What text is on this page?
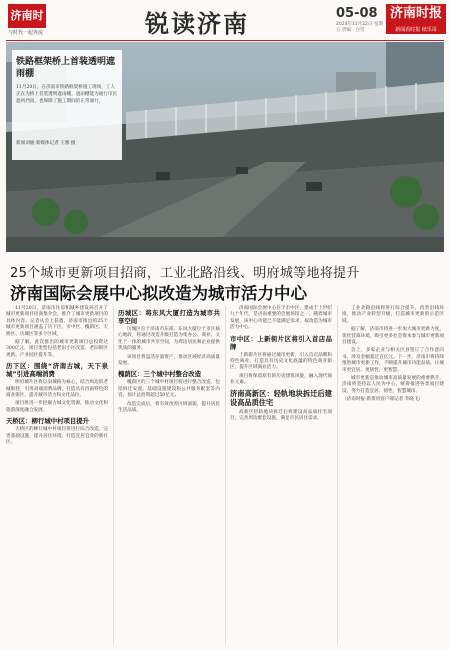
济南时报
与时代一起奔流	锐读济南	05-08
2024年11月22日 星期五 责编：白雪
济南时报
新闻看时报 纸乐哥
铁路框架桥上首装透明遮雨棚
11月20日，在济南市铁路框架桥施工现场，工人正在为桥上首装透明遮雨棚。遮雨棚能为通行市民遮风挡雨，也保障了施工期间的正常通行。
新闻刘媛·新媒体记者 王雅 摄
25个城市更新项目招商，工业北路沿线、明府城等地将提升
济南国际会展中心拟改造为城市活力中心

11月20日，济南市住房和城乡建设局召开了城市更新项目招商推介会，推介了城市更新项目的具体内容。记者从会上获悉，济南市推出的25个城市更新项目涵盖了历下区、市中区、槐荫区、天桥区、历城区等多个区域。

据了解，此次推出的城市更新项目总投资达300亿元，项目类型包括老旧小区改造、老旧街区更新、产业园区提升等。

历下区：围绕“济南古城，天下泉城”引进高端消费

明府城片区将以泉城路为核心，结合周边的老城街巷，引进高端消费品牌，打造具有济南特色的商业街区，提升城市活力和文化品位。

项目将进一步挖掘古城文化资源，推动文化和旅游深度融合发展。

天桥区：柳行城中村项目提升

天桥区的柳行城中村项目将进行综合改造，完善基础设施，提升居住环境，打造宜居宜业的新社区。

历城区：将东风大厦打造为城市共享空间

历城区位于济南市东部，东风大厦位于市区核心地段，将通过改造升级打造为集办公、商业、文化于一体的城市共享空间，为周边居民和企业提供优质的服务。

该项目将盘活存量资产，推动区域经济高质量发展。

槐荫区：三个城中村整合改造

槐荫区的三个城中村项目将进行整合改造，包括拆迁安置、基础设施建设和公共服务配套等内容，预计总投资超过50亿元。

改造完成后，将有效改善区域面貌，提升居民生活品质。

济南国际会展中心位于市中区，建成于上世纪九十年代，是济南重要的会展场馆之一。随着城市发展，该中心功能已不能满足需求，拟改造为城市活力中心。

市中区：上新街片区将引入首店品牌

上新街片区将通过城市更新，引入首店品牌和特色商业，打造具有历史文化底蕴的特色商业街区，提升区域商业活力。

项目将保留原有的历史建筑风貌，融入现代商业元素。

济南高新区：轻轨地块拆迁后建设高品质住宅

高新区轻轨地块拆迁后将建设高品质住宅项目，完善周边配套设施，满足市民居住需求。

工业北路沿线将进行综合提升，改善沿线环境，推动产业转型升级，打造城市更新的示范区域。

据了解，济南市将进一步加大城市更新力度，优化营商环境，吸引更多社会资本参与城市更新项目建设。

会上，多家企业与相关区县签订了合作意向书，涉及金额超过百亿元。下一步，济南市将持续推进城市更新工作，不断提升城市功能品质，让城市更宜居、更韧性、更智慧。

城市更新是推动城市高质量发展的重要抓手，济南将坚持以人民为中心，统筹推进各类项目建设，努力打造宜居、韧性、智慧城市。

（济南时报·新黄河客户端记者 李晓飞）
